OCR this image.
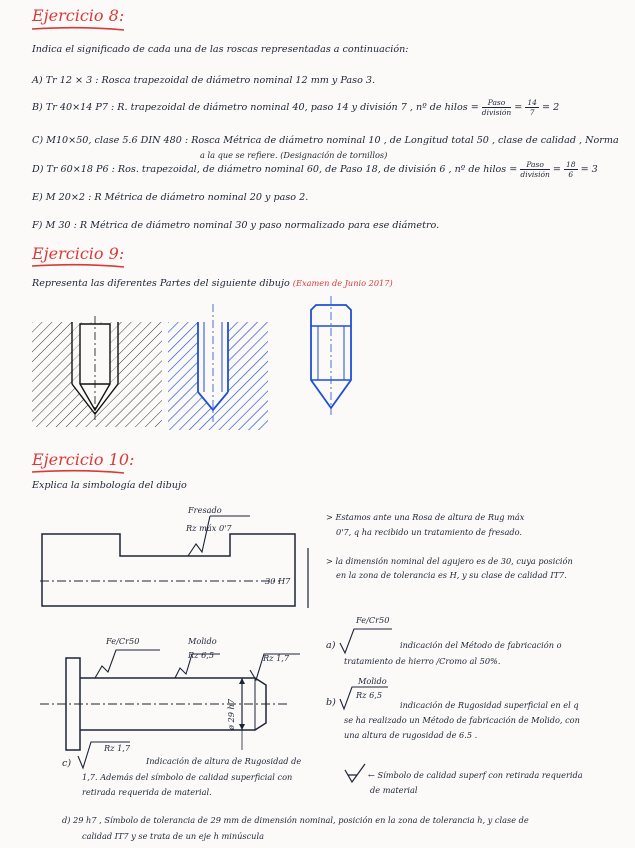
Ejercicio 8:
Indica el significado de cada una de las roscas representadas a continuación:
A) Tr 12 × 3 : Rosca trapezoidal de diámetro nominal 12 mm y Paso 3.
B) Tr 40×14 P7 : R. trapezoidal de diámetro nominal 40, paso 14 y división 7 , nº de hilos = $\frac{\text{Paso}}{\text{división}} = \frac{14}{7} = 2$
C) M10×50, clase 5.6 DIN 480 : Rosca Métrica de diámetro nominal 10 , de Longitud total 50 , clase de calidad , Norma
a la que se refiere. (Designación de tornillos)
D) Tr 60×18 P6 : Ros. trapezoidal, de diámetro nominal 60, de Paso 18, de división 6 , nº de hilos = $\frac{\text{Paso}}{\text{división}} = \frac{18}{6} = 3$
E) M 20×2 : R Métrica de diámetro nominal 20 y paso 2.
F) M 30 : R Métrica de diámetro nominal 30 y paso normalizado para ese diámetro.
Ejercicio 9:
Representa las diferentes Partes del siguiente dibujo (Examen de Junio 2017)
Ejercicio 10:
Explica la simbología del dibujo
Fresado
Rz máx 0'7
30 H7
Fe/Cr50	Molido
Rz 6,5	Rz 1,7
ø 29 h7
> Estamos ante una Rosa de altura de Rug máx
0'7, q ha recibido un tratamiento de fresado.
> la dimensión nominal del agujero es de 30, cuya posición
en la zona de tolerancia es H, y su clase de calidad IT7.
a)
Fe/Cr50
indicación del Método de fabricación o
tratamiento de hierro /Cromo al 50%.
b)
Molido
Rz 6,5
indicación de Rugosidad superficial en el q
se ha realizado un Método de fabricación de Molido, con
una altura de rugosidad de 6.5 .
c)
Rz 1,7
Indicación de altura de Rugosidad de
1,7. Además del símbolo de calidad superficial con
retirada requerida de material.
← Símbolo de calidad superf con retirada requerida
de material
d) 29 h7 , Símbolo de tolerancia de 29 mm de dimensión nominal, posición en la zona de tolerancia h, y clase de
calidad IT7 y se trata de un eje h minúscula
